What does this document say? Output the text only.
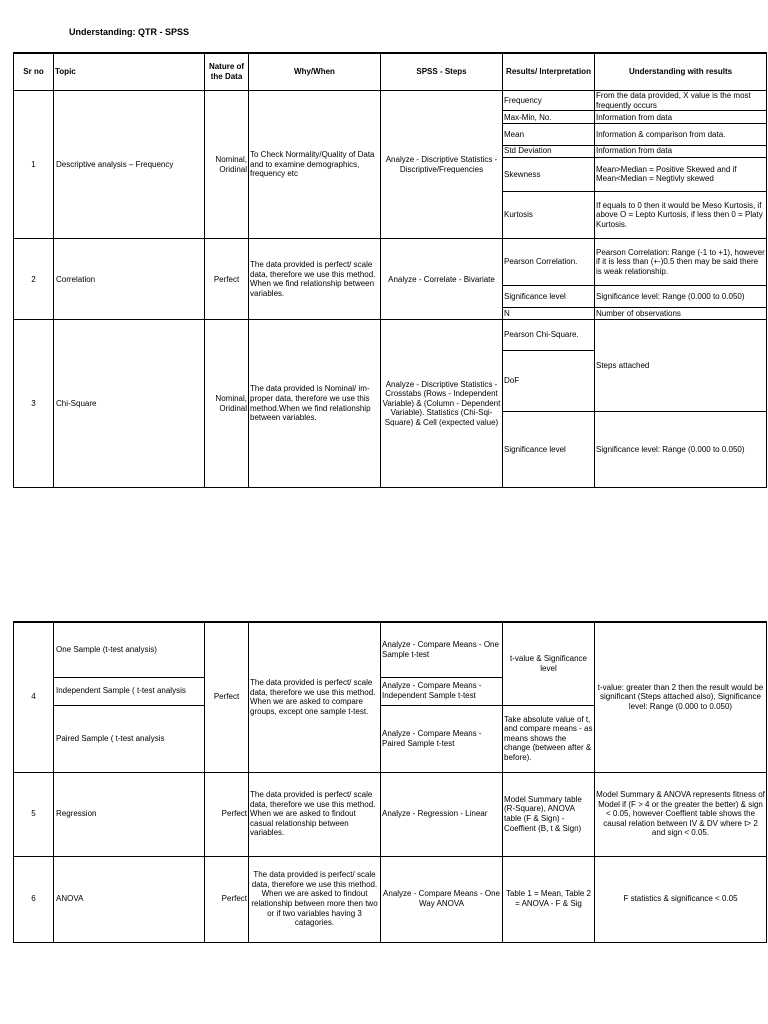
Understanding: QTR - SPSS
Sr no	Topic	Nature of the Data	Why/When	SPSS - Steps	Results/ Interpretation	Understanding with results
1	Descriptive analysis – Frequency	Nominal, Oridinal	To Check Normality/Quality of Data and to examine demographics, frequency etc	Analyze - Discriptive Statistics - Discriptive/Frequencies	Frequency	From the data provided, X value is the most frequently occurs
					Max-Min, No.	Information from data
					Mean	Information & comparison from data.
					Std Deviation	Information from data
					Skewness	Mean>Median = Positive Skewed and if Mean<Median = Negtivly skewed
					Kurtosis	If equals to 0 then it would be Meso Kurtosis, if above O = Lepto Kurtosis, if less then 0 = Platy Kurtosis.
2	Correlation	Perfect	The data provided is perfect/ scale data, therefore we use this method. When we find relationship between variables.	Analyze - Correlate - Bivariate	Pearson Correlation.	Pearson Correlation: Range (-1 to +1), however if it is less than (+-)0.5 then may be said there is weak relationship.
					Significance level	Significance level: Range (0.000 to 0.050)
					N	Number of observations
3	Chi-Square	Nominal, Oridinal	The data provided is Nominal/ im-proper data, therefore we use this method.When we find relationship between variables.	Analyze - Discriptive Statistics - Crosstabs (Rows - Independent Variable) & (Column - Dependent Variable). Statistics (Chi-Sqi-Square) & Cell (expected value)	Pearson Chi-Square.	Steps attached
					DoF	
					Significance level	Significance level: Range (0.000 to 0.050)
4	One Sample (t-test analysis)	Perfect	The data provided is perfect/ scale data, therefore we use this method. When we are asked to compare groups, except one sample t-test.	Analyze - Compare Means - One Sample t-test	t-value & Significance level	t-value: greater than 2 then the result would be significant (Steps attached also), Significance level: Range (0.000 to 0.050)
	Independent Sample ( t-test analysis			Analyze - Compare Means - Independent Sample t-test		
	Paired Sample ( t-test analysis			Analyze - Compare Means - Paired Sample t-test	Take absolute value of t, and compare means - as means shows the change (between after & before).	
5	Regression	Perfect	The data provided is perfect/ scale data, therefore we use this method. When we are asked to findout casual relationship between variables.	Analyze - Regression - Linear	Model Summary table (R-Square), ANOVA table (F & Sign) - Coeffient (B, t & Sign)	Model Summary & ANOVA represents fitness of Model if (F > 4 or the greater the better) & sign < 0.05, however Coeffient table shows the causal relation between IV & DV where t> 2 and sign < 0.05.
6	ANOVA	Perfect	The data provided is perfect/ scale data, therefore we use this method. When we are asked to findout relationship between more then two or if two variables having 3 catagories.	Analyze - Compare Means - One Way ANOVA	Table 1 = Mean, Table 2 = ANOVA - F & Sig	F statistics & significance < 0.05
